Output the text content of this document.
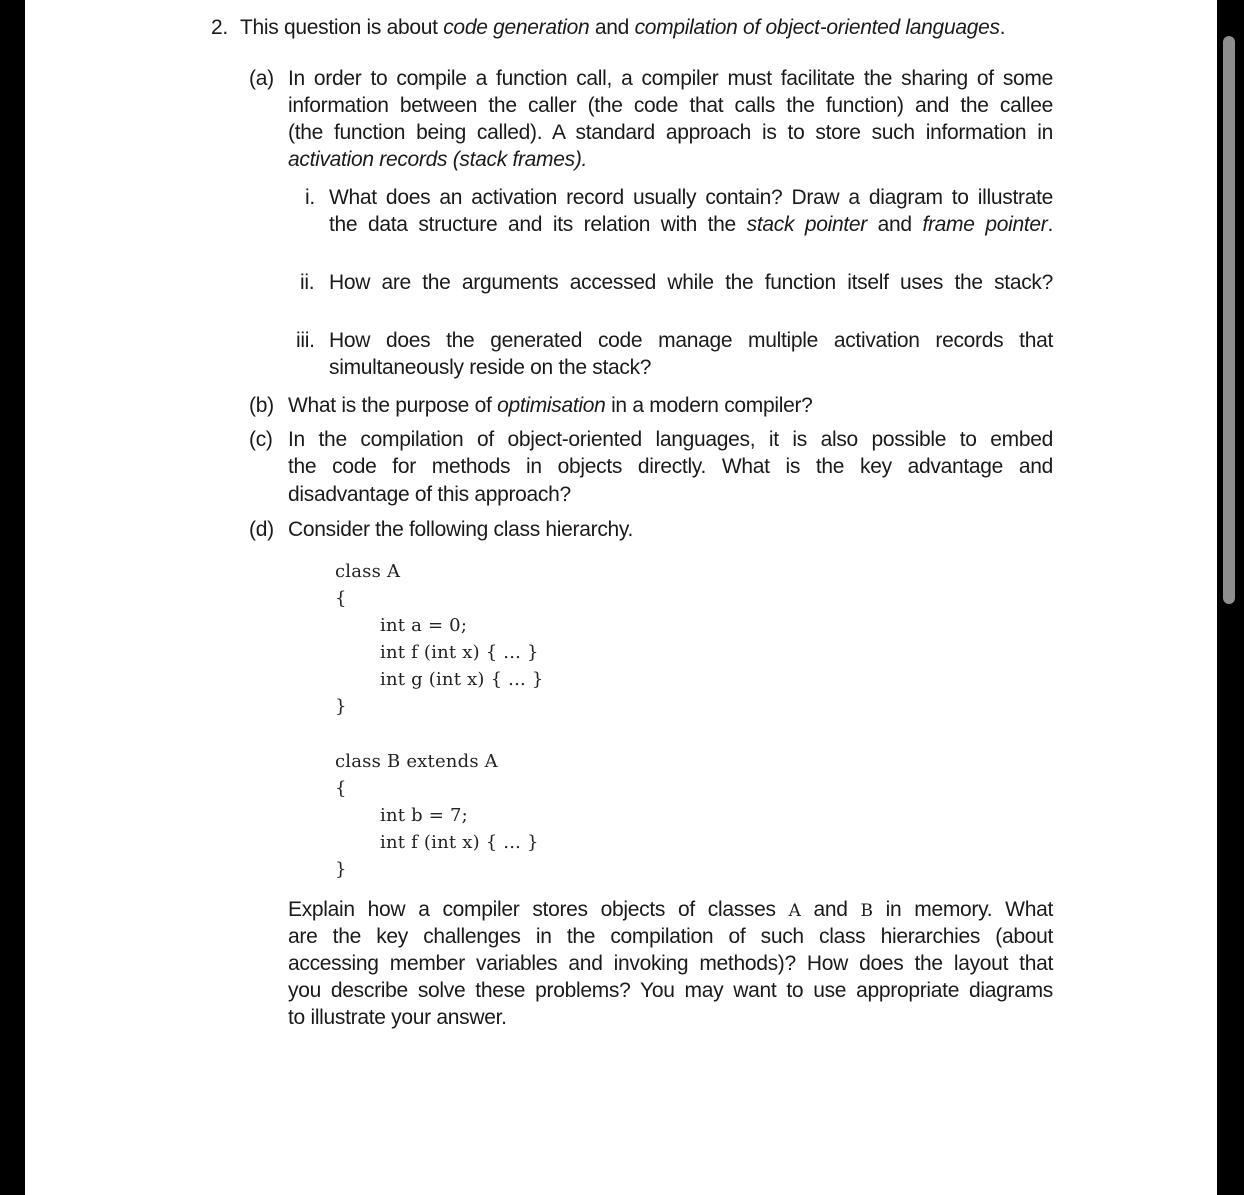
2. This question is about code generation and compilation of object-oriented languages.
(a) In order to compile a function call, a compiler must facilitate the sharing of some
information between the caller (the code that calls the function) and the callee
(the function being called). A standard approach is to store such information in
activation records (stack frames).
i. What does an activation record usually contain? Draw a diagram to illustrate
the data structure and its relation with the stack pointer and frame pointer.
ii. How are the arguments accessed while the function itself uses the stack?
iii. How does the generated code manage multiple activation records that
simultaneously reside on the stack?
(b) What is the purpose of optimisation in a modern compiler?
(c) In the compilation of object-oriented languages, it is also possible to embed
the code for methods in objects directly. What is the key advantage and
disadvantage of this approach?
(d) Consider the following class hierarchy.
class A
{
int a = 0;
int f (int x) { ... }
int g (int x) { ... }
}
class B extends A
{
int b = 7;
int f (int x) { ... }
}
Explain how a compiler stores objects of classes A and B in memory. What
are the key challenges in the compilation of such class hierarchies (about
accessing member variables and invoking methods)? How does the layout that
you describe solve these problems? You may want to use appropriate diagrams
to illustrate your answer.
